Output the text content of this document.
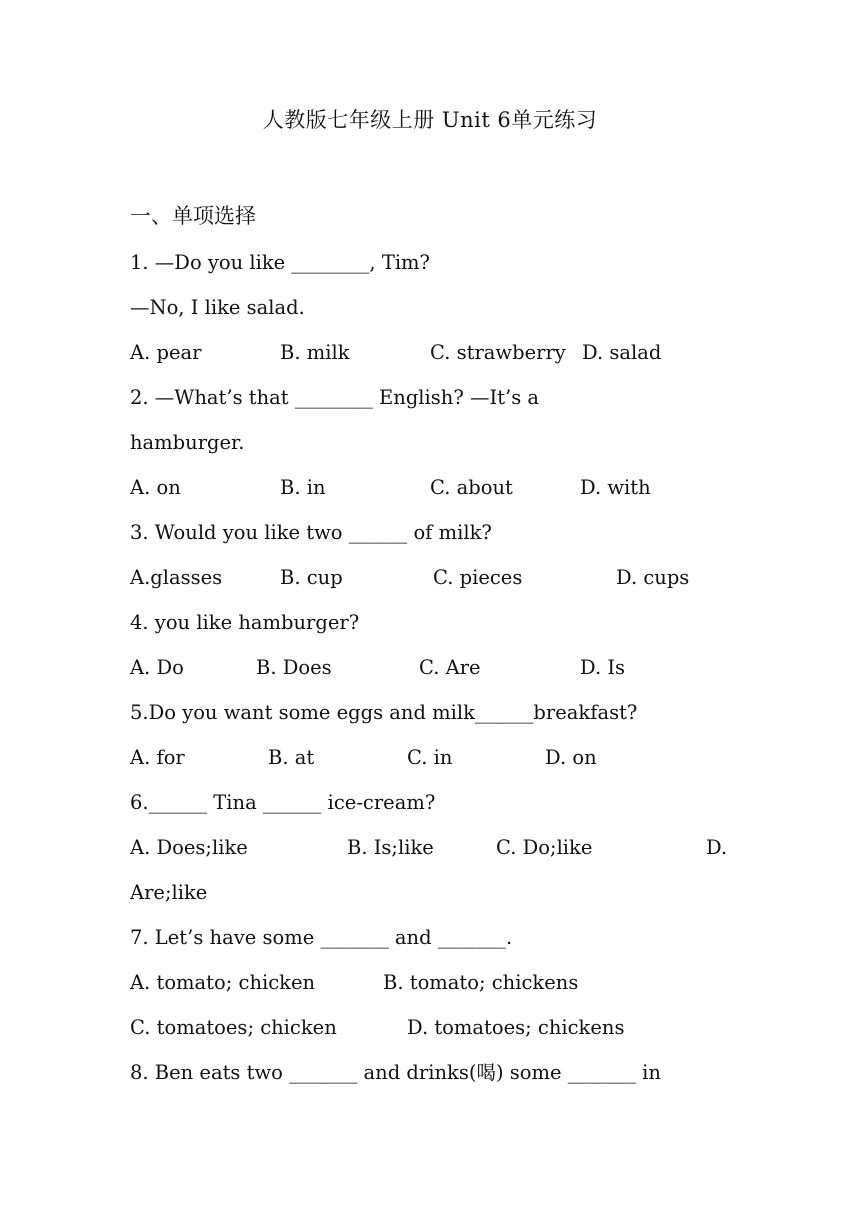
人教版七年级上册 Unit 6单元练习
一、单项选择
1. —Do you like ________, Tim?
—No, I like salad.
A. pear	B. milk	C. strawberry D. salad
2. —What’s that ________ English? —It’s a
hamburger.
A. on	B. in	C. about	D. with
3. Would you like two ______ of milk?
A.glasses	B. cup	C. pieces	D. cups
4. you like hamburger?
A. Do	B. Does	C. Are	D. Is
5.Do you want some eggs and milk______breakfast?
A. for	B. at	C. in	D. on
6.______ Tina ______ ice-cream?
A. Does;like	B. Is;like	C. Do;like	D.
Are;like
7. Let’s have some _______ and _______.
A. tomato; chicken	B. tomato; chickens
C. tomatoes; chicken	D. tomatoes; chickens
8. Ben eats two _______ and drinks(喝) some _______ in
